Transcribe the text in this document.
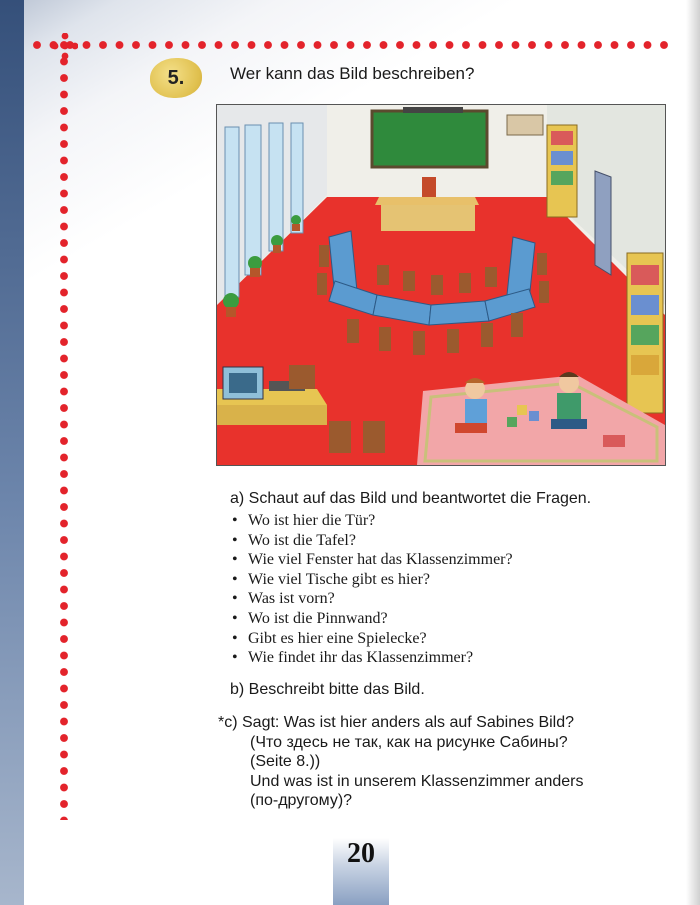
5.	Wer kann das Bild beschreiben?
a) Schaut auf das Bild und beantwortet die Fragen.
• Wo ist hier die Tür?
• Wo ist die Tafel?
• Wie viel Fenster hat das Klassenzimmer?
• Wie viel Tische gibt es hier?
• Was ist vorn?
• Wo ist die Pinnwand?
• Gibt es hier eine Spielecke?
• Wie findet ihr das Klassenzimmer?
b) Beschreibt bitte das Bild.
*c) Sagt: Was ist hier anders als auf Sabines Bild?
(Что здесь не так, как на рисунке Сабины?
(Seite 8.))
Und was ist in unserem Klassenzimmer anders
(по-другому)?
20
